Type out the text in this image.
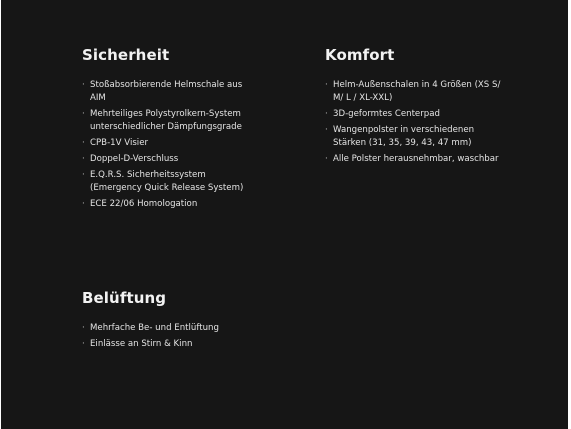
Sicherheit
· Stoßabsorbierende Helmschale aus AIM
· Mehrteiliges Polystyrolkern-System unterschiedlicher Dämpfungsgrade
· CPB-1V Visier
· Doppel-D-Verschluss
· E.Q.R.S. Sicherheitssystem (Emergency Quick Release System)
· ECE 22/06 Homologation
Komfort
· Helm-Außenschalen in 4 Größen (XS S/ M/ L / XL-XXL)
· 3D-geformtes Centerpad
· Wangenpolster in verschiedenen Stärken (31, 35, 39, 43, 47 mm)
· Alle Polster herausnehmbar, waschbar
Belüftung
· Mehrfache Be- und Entlüftung
· Einlässe an Stirn & Kinn
